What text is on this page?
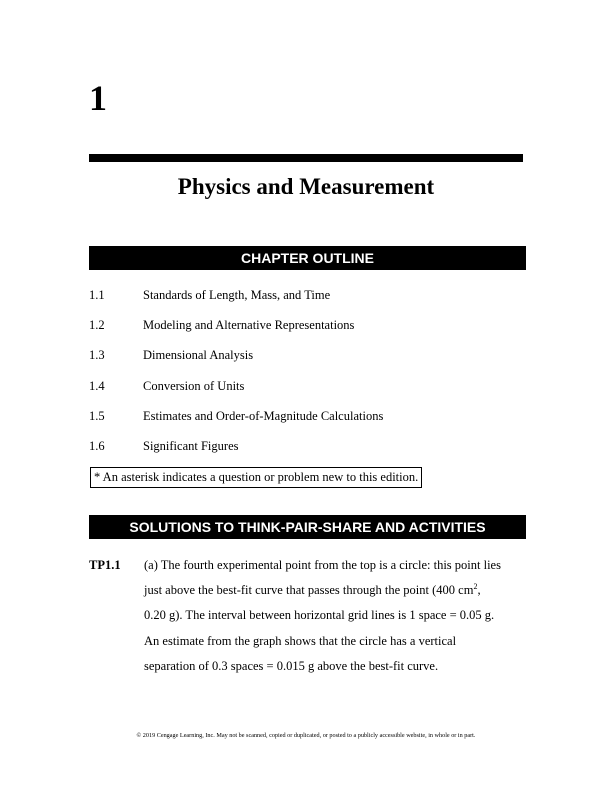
1
Physics and Measurement
CHAPTER OUTLINE
1.1	Standards of Length, Mass, and Time
1.2	Modeling and Alternative Representations
1.3	Dimensional Analysis
1.4	Conversion of Units
1.5	Estimates and Order-of-Magnitude Calculations
1.6	Significant Figures
* An asterisk indicates a question or problem new to this edition.
SOLUTIONS TO THINK-PAIR-SHARE AND ACTIVITIES
TP1.1 (a) The fourth experimental point from the top is a circle: this point lies
just above the best-fit curve that passes through the point (400 $cm^2$,
0.20 g). The interval between horizontal grid lines is 1 space = 0.05 g.
An estimate from the graph shows that the circle has a vertical
separation of 0.3 spaces = 0.015 g above the best-fit curve.
© 2019 Cengage Learning, Inc. May not be scanned, copied or duplicated, or posted to a publicly accessible website, in whole or in part.
